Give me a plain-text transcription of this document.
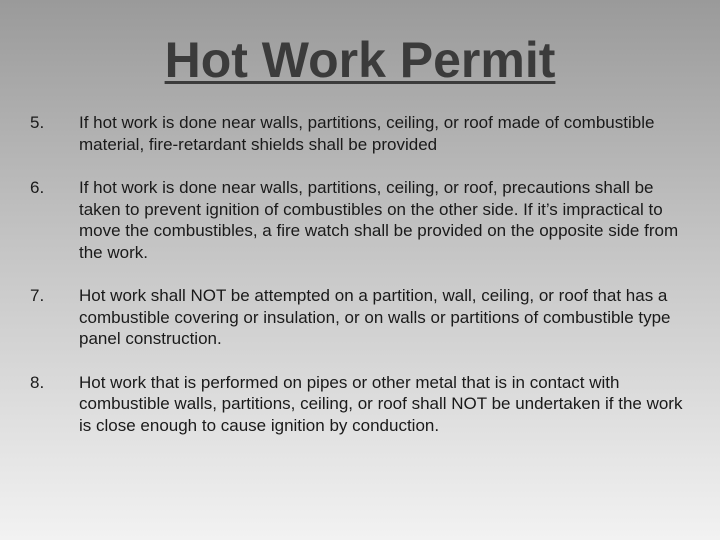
Hot Work Permit
5.	If hot work is done near walls, partitions, ceiling, or roof made of combustible material, fire-retardant shields shall be provided
6.	If hot work is done near walls, partitions, ceiling, or roof, precautions shall be taken to prevent ignition of combustibles on the other side. If it’s impractical to move the combustibles, a fire watch shall be provided on the opposite side from the work.
7.	Hot work shall NOT be attempted on a partition, wall, ceiling, or roof that has a combustible covering or insulation, or on walls or partitions of combustible type panel construction.
8.	Hot work that is performed on pipes or other metal that is in contact with combustible walls, partitions, ceiling, or roof shall NOT be undertaken if the work is close enough to cause ignition by conduction.
